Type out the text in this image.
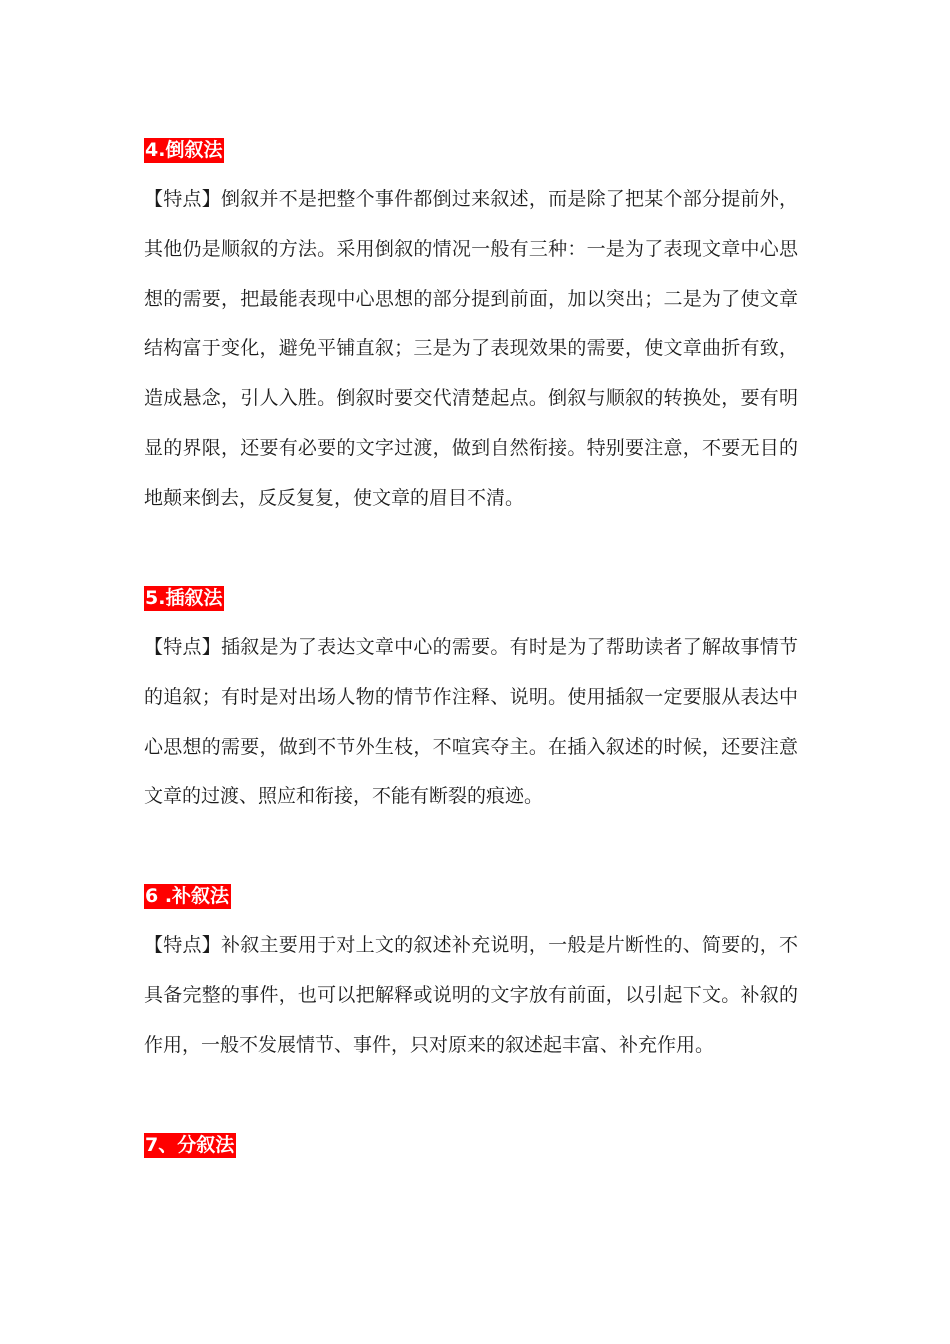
4.倒叙法
【特点】倒叙并不是把整个事件都倒过来叙述，而是除了把某个部分提前外，
其他仍是顺叙的方法。采用倒叙的情况一般有三种：一是为了表现文章中心思
想的需要，把最能表现中心思想的部分提到前面，加以突出；二是为了使文章
结构富于变化，避免平铺直叙；三是为了表现效果的需要，使文章曲折有致，
造成悬念，引人入胜。倒叙时要交代清楚起点。倒叙与顺叙的转换处，要有明
显的界限，还要有必要的文字过渡，做到自然衔接。特别要注意，不要无目的
地颠来倒去，反反复复，使文章的眉目不清。
5.插叙法
【特点】插叙是为了表达文章中心的需要。有时是为了帮助读者了解故事情节
的追叙；有时是对出场人物的情节作注释、说明。使用插叙一定要服从表达中
心思想的需要，做到不节外生枝，不喧宾夺主。在插入叙述的时候，还要注意
文章的过渡、照应和衔接，不能有断裂的痕迹。
6 .补叙法
【特点】补叙主要用于对上文的叙述补充说明，一般是片断性的、简要的，不
具备完整的事件，也可以把解释或说明的文字放有前面，以引起下文。补叙的
作用，一般不发展情节、事件，只对原来的叙述起丰富、补充作用。
7、分叙法
